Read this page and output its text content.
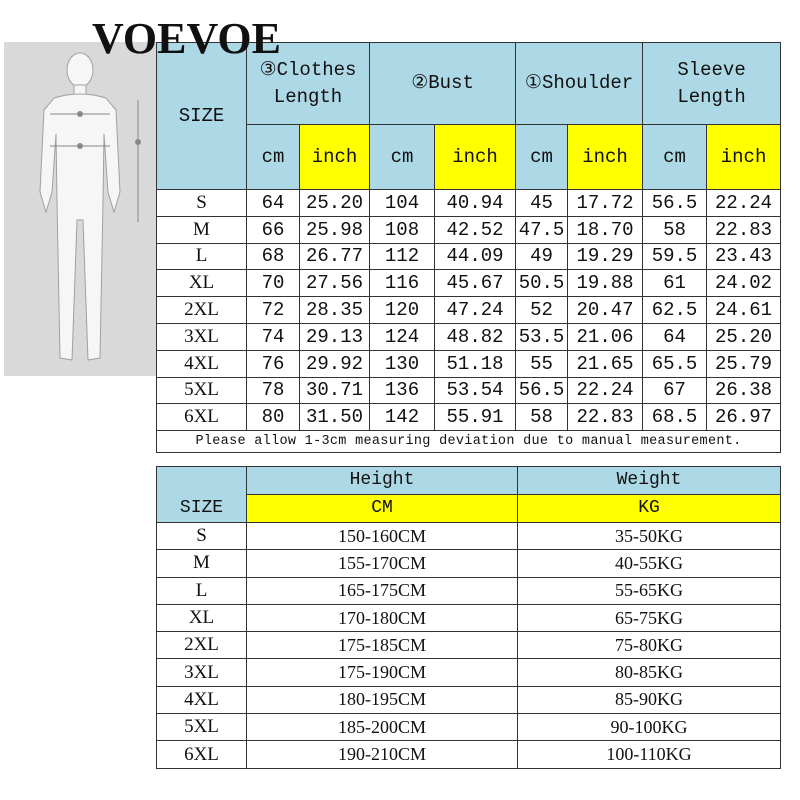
VOEVOE
SIZE	③Clothes Length		②Bust		①Shoulder		Sleeve Length	
	cm	inch	cm	inch	cm	inch	cm	inch
S	64	25.20	104	40.94	45	17.72	56.5	22.24
M	66	25.98	108	42.52	47.5	18.70	58	22.83
L	68	26.77	112	44.09	49	19.29	59.5	23.43
XL	70	27.56	116	45.67	50.5	19.88	61	24.02
2XL	72	28.35	120	47.24	52	20.47	62.5	24.61
3XL	74	29.13	124	48.82	53.5	21.06	64	25.20
4XL	76	29.92	130	51.18	55	21.65	65.5	25.79
5XL	78	30.71	136	53.54	56.5	22.24	67	26.38
6XL	80	31.50	142	55.91	58	22.83	68.5	26.97
Please allow 1-3cm measuring deviation due to manual measurement.								
SIZE	Height	Weight
	CM	KG
S	150-160CM	35-50KG
M	155-170CM	40-55KG
L	165-175CM	55-65KG
XL	170-180CM	65-75KG
2XL	175-185CM	75-80KG
3XL	175-190CM	80-85KG
4XL	180-195CM	85-90KG
5XL	185-200CM	90-100KG
6XL	190-210CM	100-110KG
